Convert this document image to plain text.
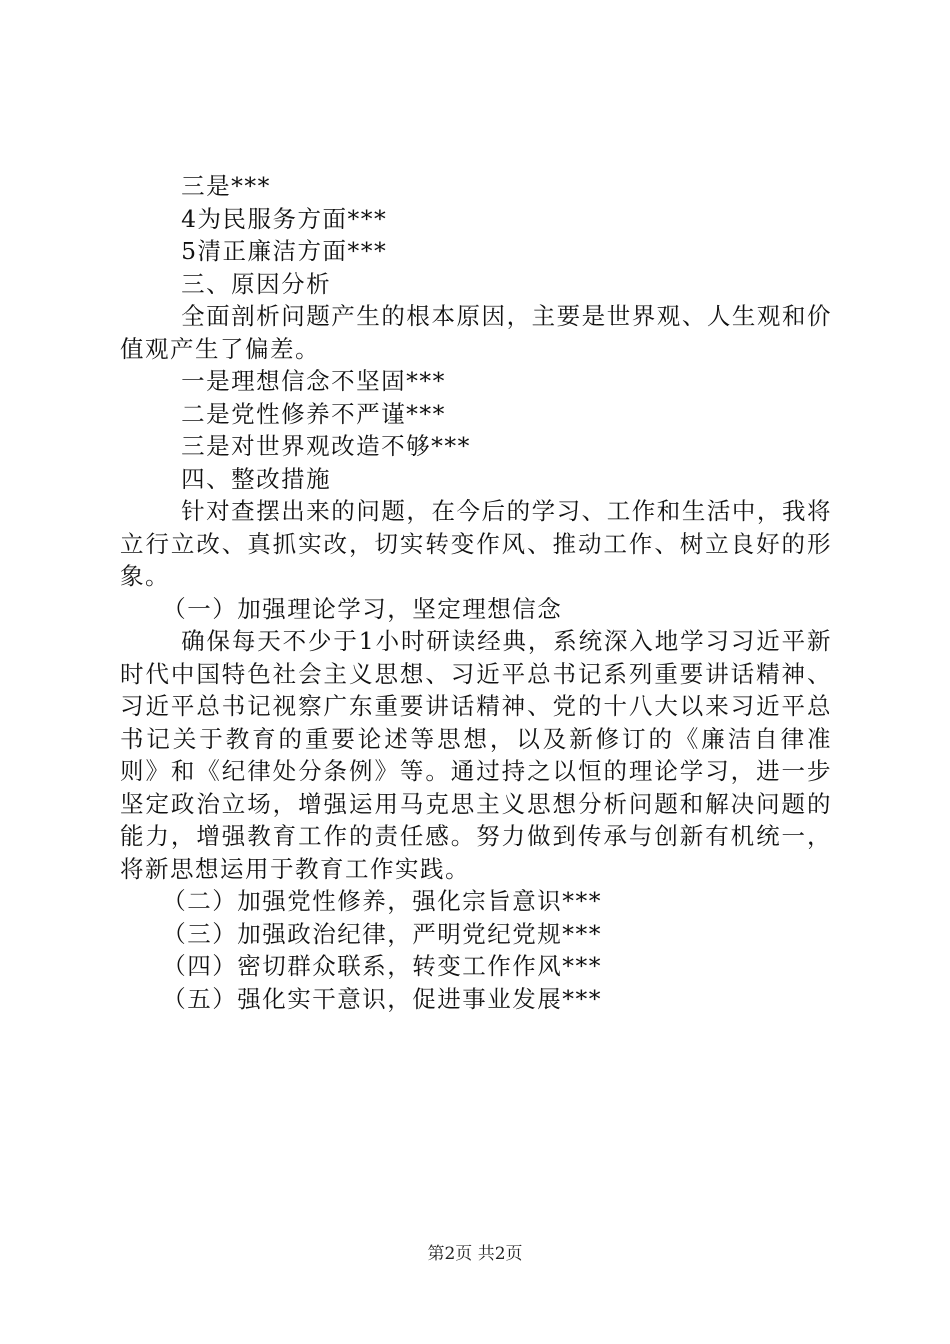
三是***

4为民服务方面***

5清正廉洁方面***

三、原因分析

全面剖析问题产生的根本原因，主要是世界观、人生观和价值观产生了偏差。

一是理想信念不坚固***

二是党性修养不严谨***

三是对世界观改造不够***

四、整改措施

针对查摆出来的问题，在今后的学习、工作和生活中，我将立行立改、真抓实改，切实转变作风、推动工作、树立良好的形象。

（一）加强理论学习，坚定理想信念

确保每天不少于1小时研读经典，系统深入地学习习近平新时代中国特色社会主义思想、习近平总书记系列重要讲话精神、习近平总书记视察广东重要讲话精神、党的十八大以来习近平总书记关于教育的重要论述等思想，以及新修订的《廉洁自律准则》和《纪律处分条例》等。通过持之以恒的理论学习，进一步坚定政治立场，增强运用马克思主义思想分析问题和解决问题的能力，增强教育工作的责任感。努力做到传承与创新有机统一，将新思想运用于教育工作实践。

（二）加强党性修养，强化宗旨意识***

（三）加强政治纪律，严明党纪党规***

（四）密切群众联系，转变工作作风***

（五）强化实干意识，促进事业发展***

第2页 共2页
